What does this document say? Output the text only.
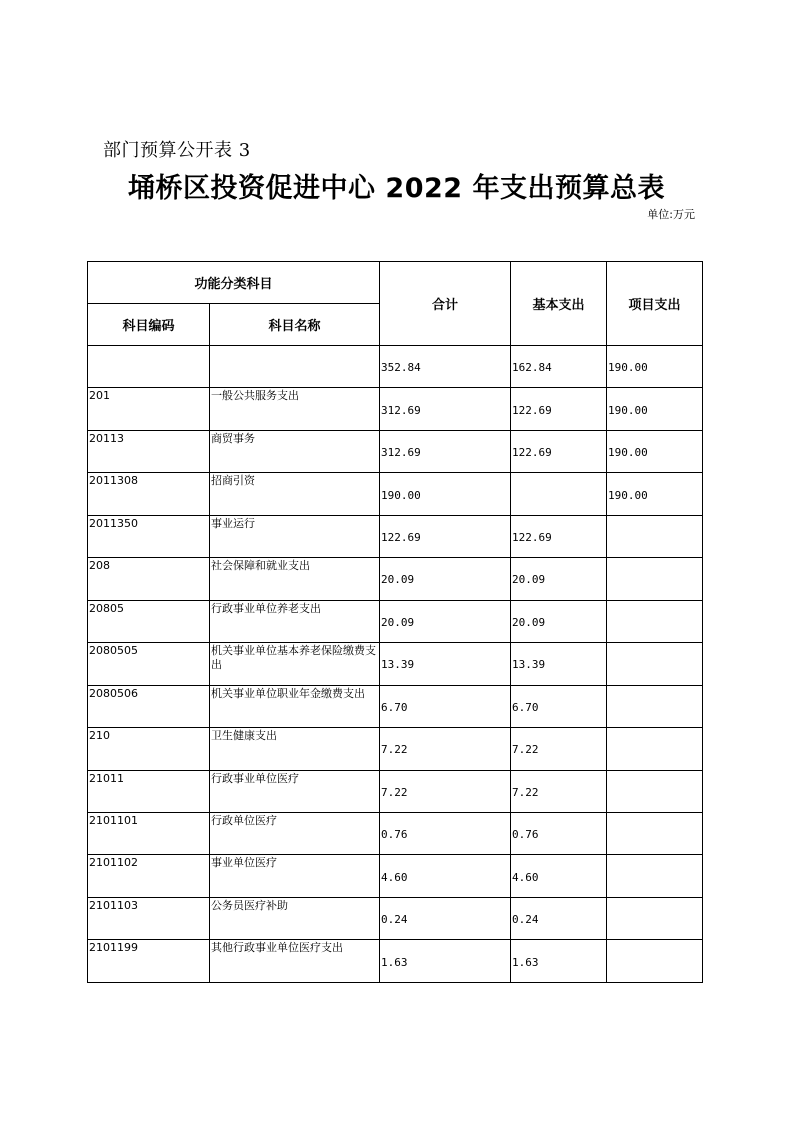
部门预算公开表 3
埇桥区投资促进中心 2022 年支出预算总表
单位:万元
功能分类科目		合计	基本支出	项目支出
科目编码	科目名称			
		352.84	162.84	190.00
201	一般公共服务支出	312.69	122.69	190.00
20113	商贸事务	312.69	122.69	190.00
2011308	招商引资	190.00		190.00
2011350	事业运行	122.69	122.69	
208	社会保障和就业支出	20.09	20.09	
20805	行政事业单位养老支出	20.09	20.09	
2080505	机关事业单位基本养老保险缴费支出	13.39	13.39	
2080506	机关事业单位职业年金缴费支出	6.70	6.70	
210	卫生健康支出	7.22	7.22	
21011	行政事业单位医疗	7.22	7.22	
2101101	行政单位医疗	0.76	0.76	
2101102	事业单位医疗	4.60	4.60	
2101103	公务员医疗补助	0.24	0.24	
2101199	其他行政事业单位医疗支出	1.63	1.63	
